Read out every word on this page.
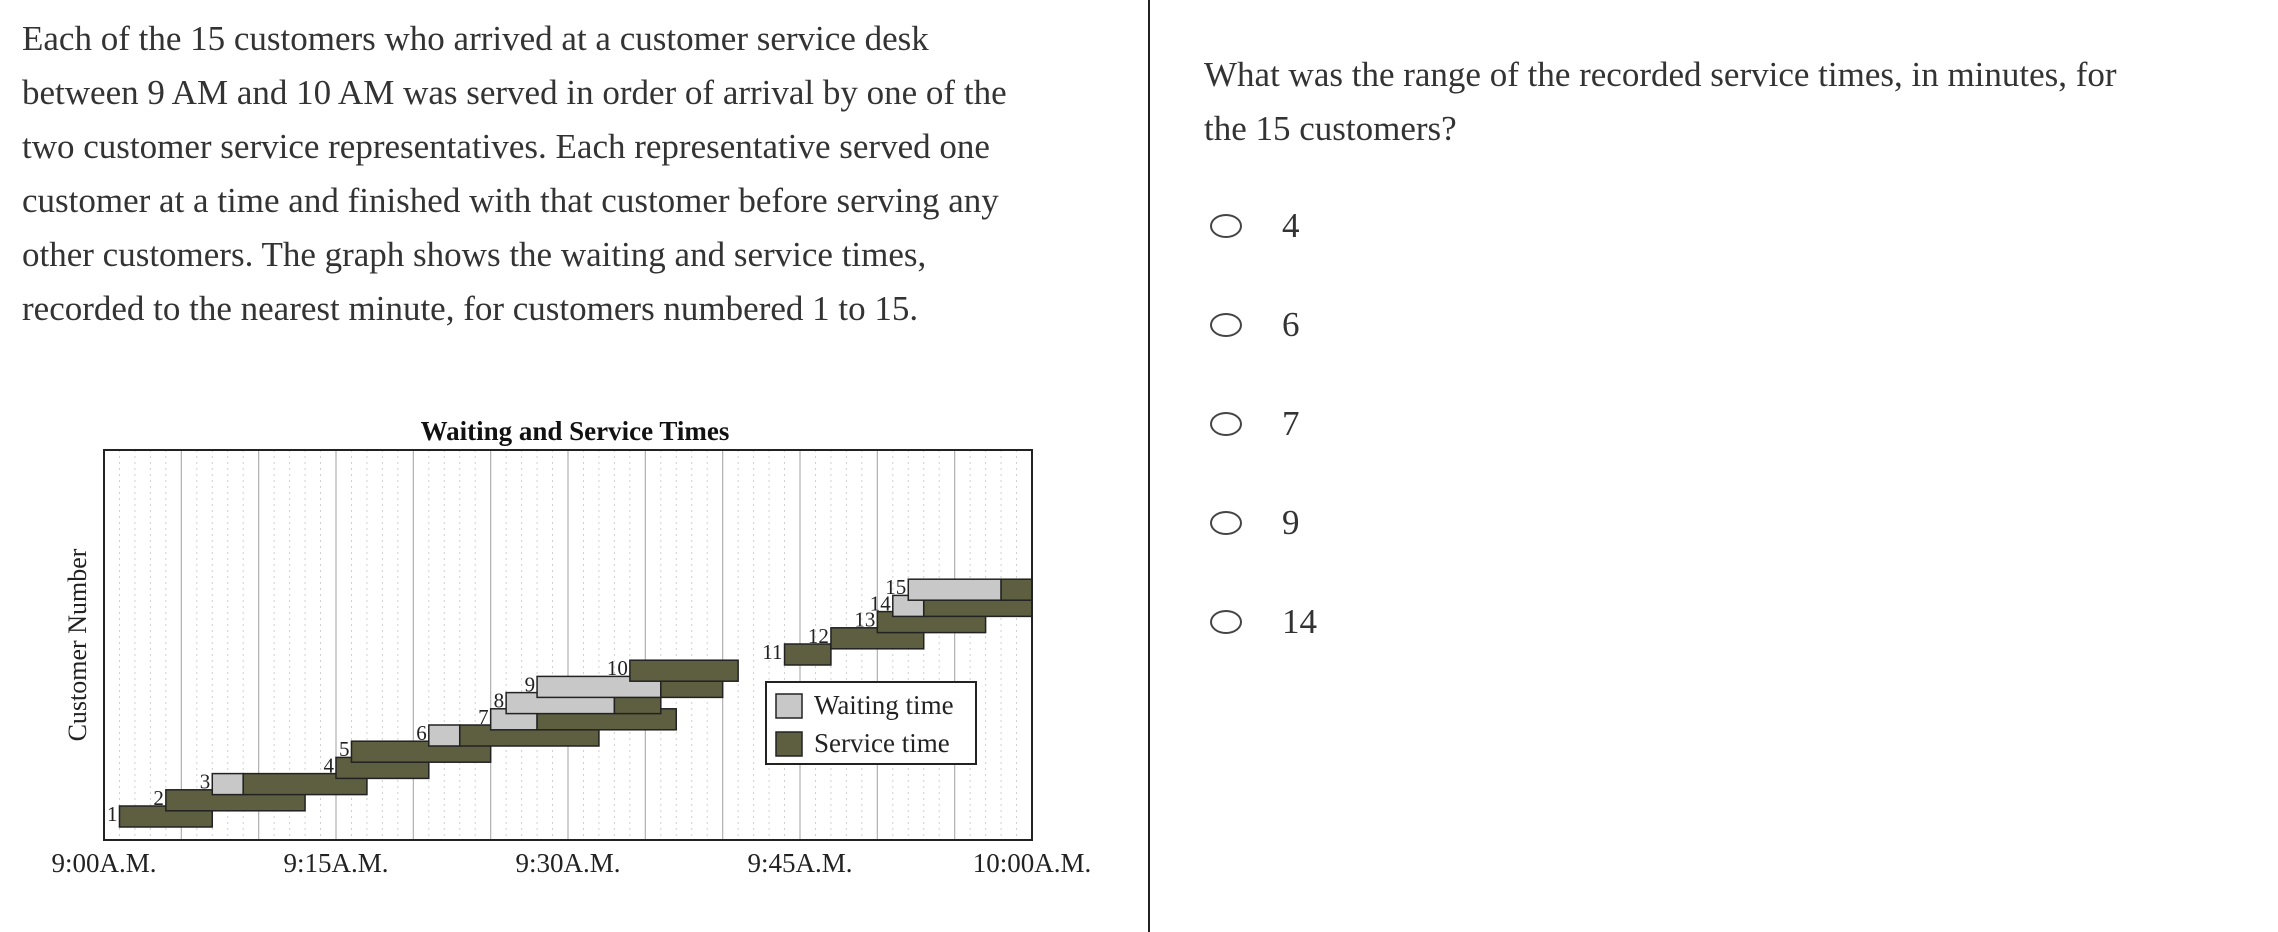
Each of the 15 customers who arrived at a customer service desk
between 9 AM and 10 AM was served in order of arrival by one of the
two customer service representatives. Each representative served one
customer at a time and finished with that customer before serving any
other customers. The graph shows the waiting and service times,
recorded to the nearest minute, for customers numbered 1 to 15.

Waiting and Service Times
1
2
3
4
5
6
7
8
9
10
11
12
13
14
15
9:00A.M.	9:15A.M.	9:30A.M.	9:45A.M.	10:00A.M.
Customer Number	Waiting time
Service time

What was the range of the recorded service times, in minutes, for
the 15 customers?

4
6
7
9
14
